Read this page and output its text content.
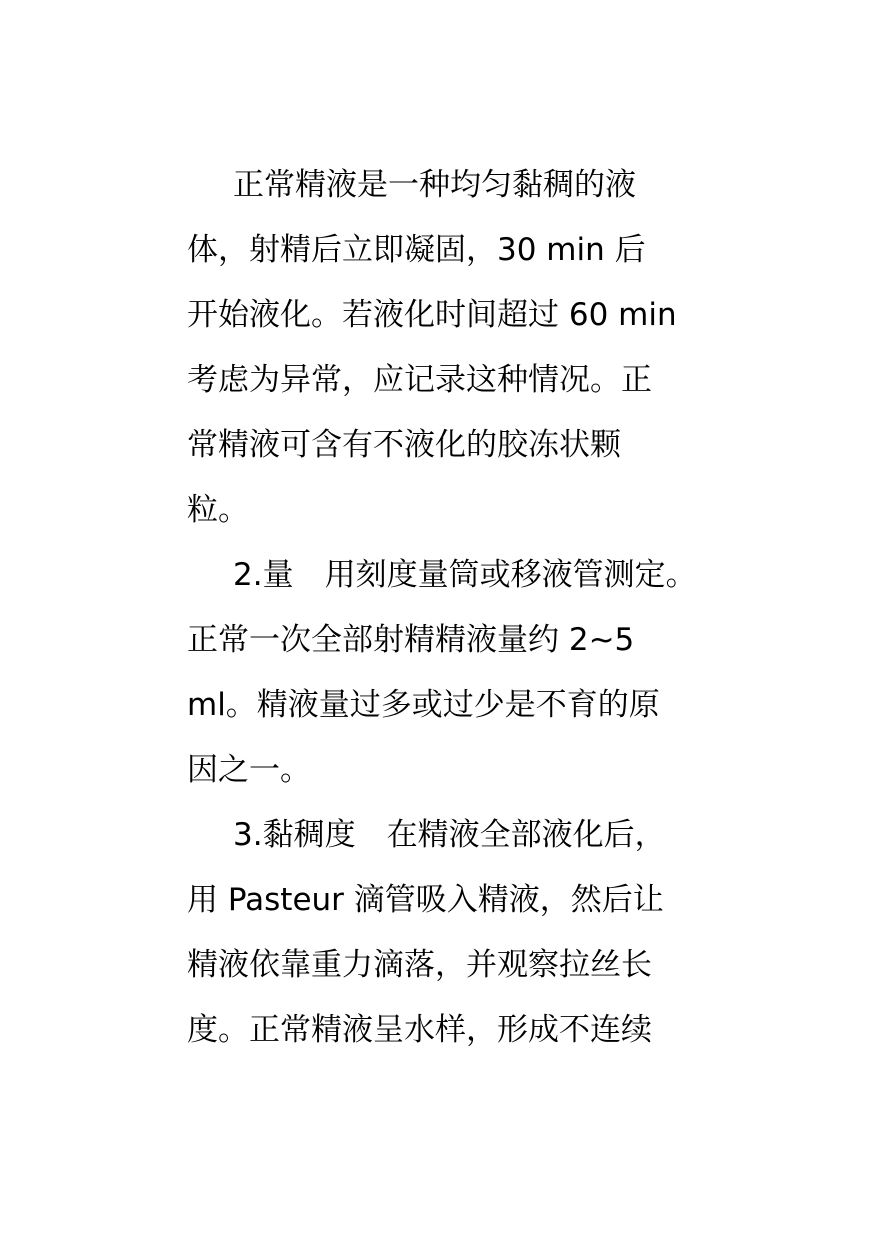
正常精液是一种均匀黏稠的液
体，射精后立即凝固，30 min 后
开始液化。若液化时间超过 60 min
考虑为异常，应记录这种情况。正
常精液可含有不液化的胶冻状颗
粒。
2.量　用刻度量筒或移液管测定。
正常一次全部射精精液量约 2~5
ml。精液量过多或过少是不育的原
因之一。
3.黏稠度　在精液全部液化后，
用 Pasteur 滴管吸入精液，然后让
精液依靠重力滴落，并观察拉丝长
度。正常精液呈水样，形成不连续
